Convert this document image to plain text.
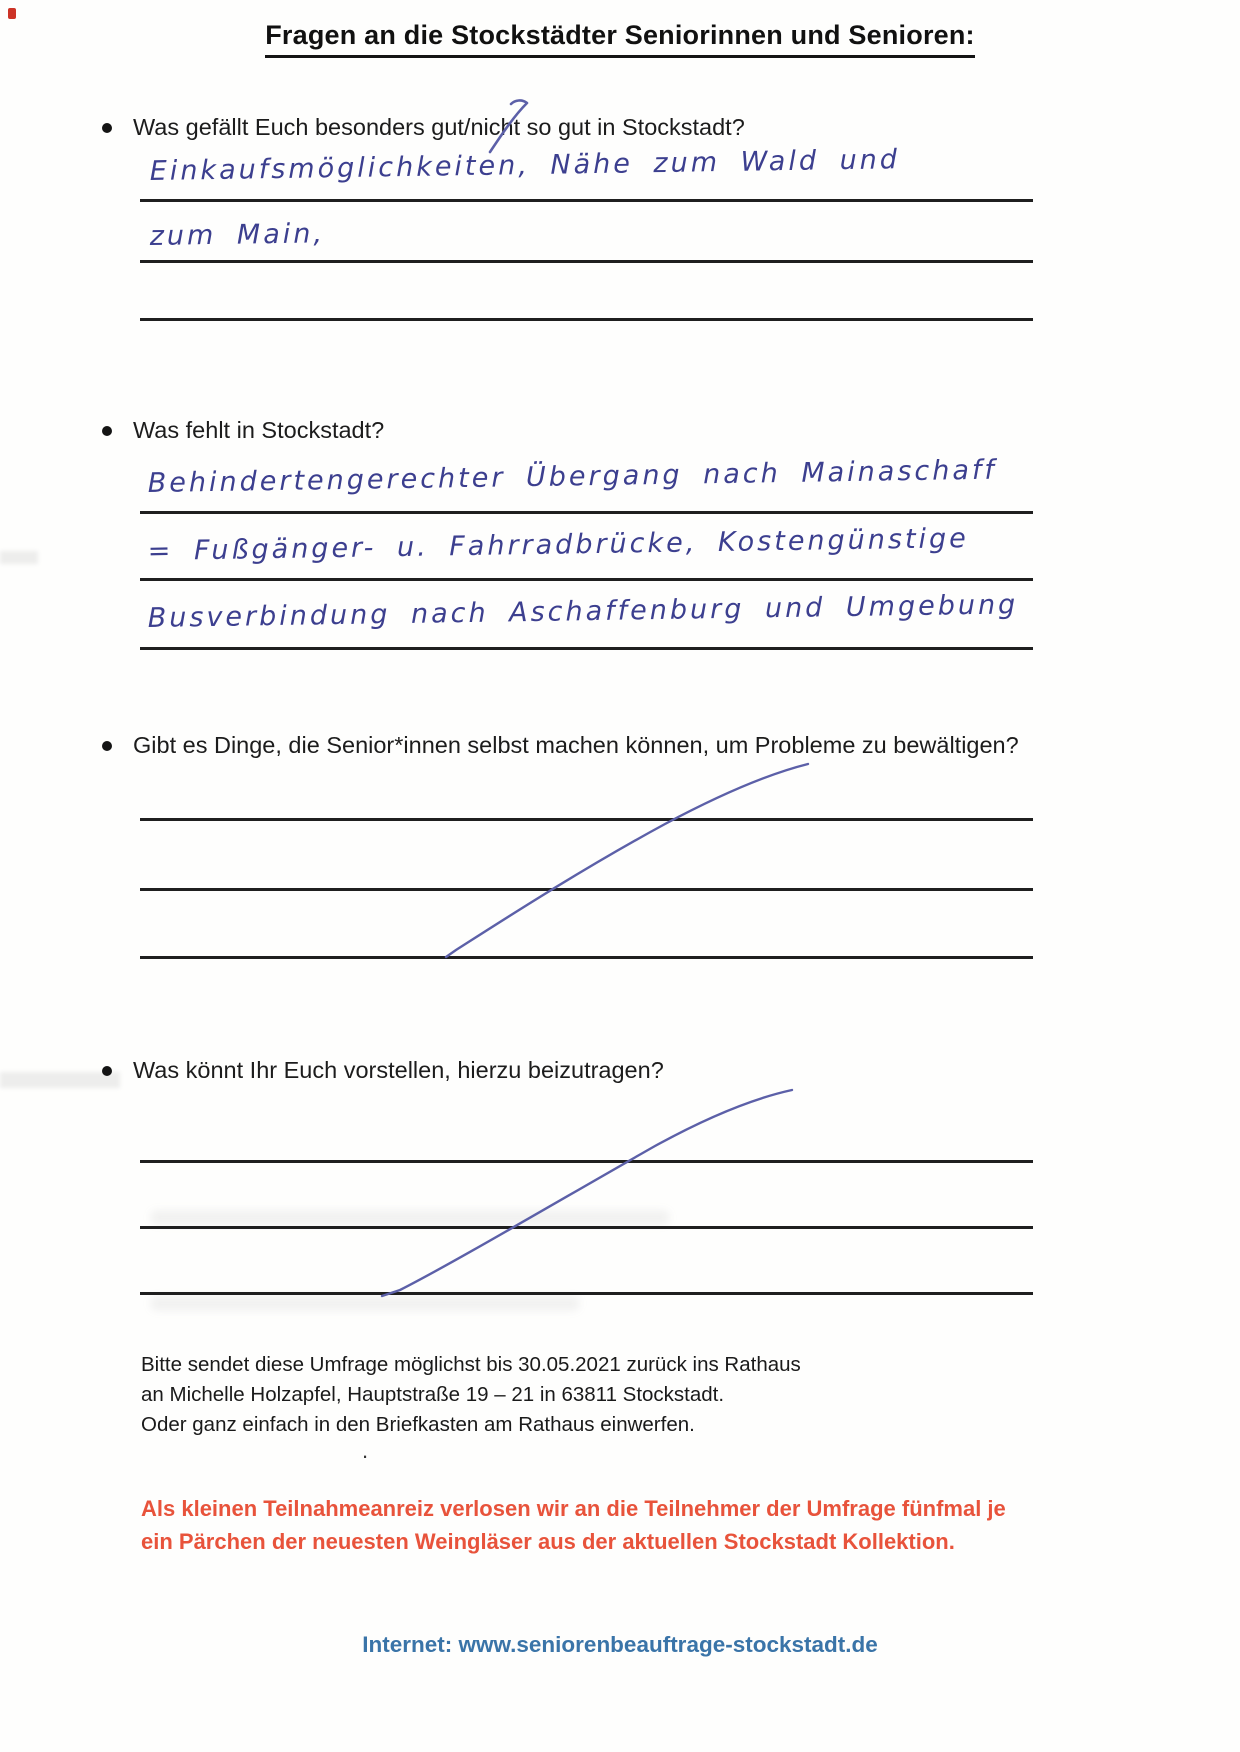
Fragen an die Stockstädter Seniorinnen und Senioren:
Was gefällt Euch besonders gut/nicht so gut in Stockstadt?
Einkaufsmöglichkeiten, Nähe zum Wald und
zum Main,
Was fehlt in Stockstadt?
Behindertengerechter Übergang nach Mainaschaff
= Fußgänger- u. Fahrradbrücke, Kostengünstige
Busverbindung nach Aschaffenburg und Umgebung
Gibt es Dinge, die Senior*innen selbst machen können, um Probleme zu bewältigen?
Was könnt Ihr Euch vorstellen, hierzu beizutragen?
Bitte sendet diese Umfrage möglichst bis 30.05.2021 zurück ins Rathaus
an Michelle Holzapfel, Hauptstraße 19 – 21 in 63811 Stockstadt.
Oder ganz einfach in den Briefkasten am Rathaus einwerfen.
.
Als kleinen Teilnahmeanreiz verlosen wir an die Teilnehmer der Umfrage fünfmal je
ein Pärchen der neuesten Weingläser aus der aktuellen Stockstadt Kollektion.
Internet: www.seniorenbeauftrage-stockstadt.de
